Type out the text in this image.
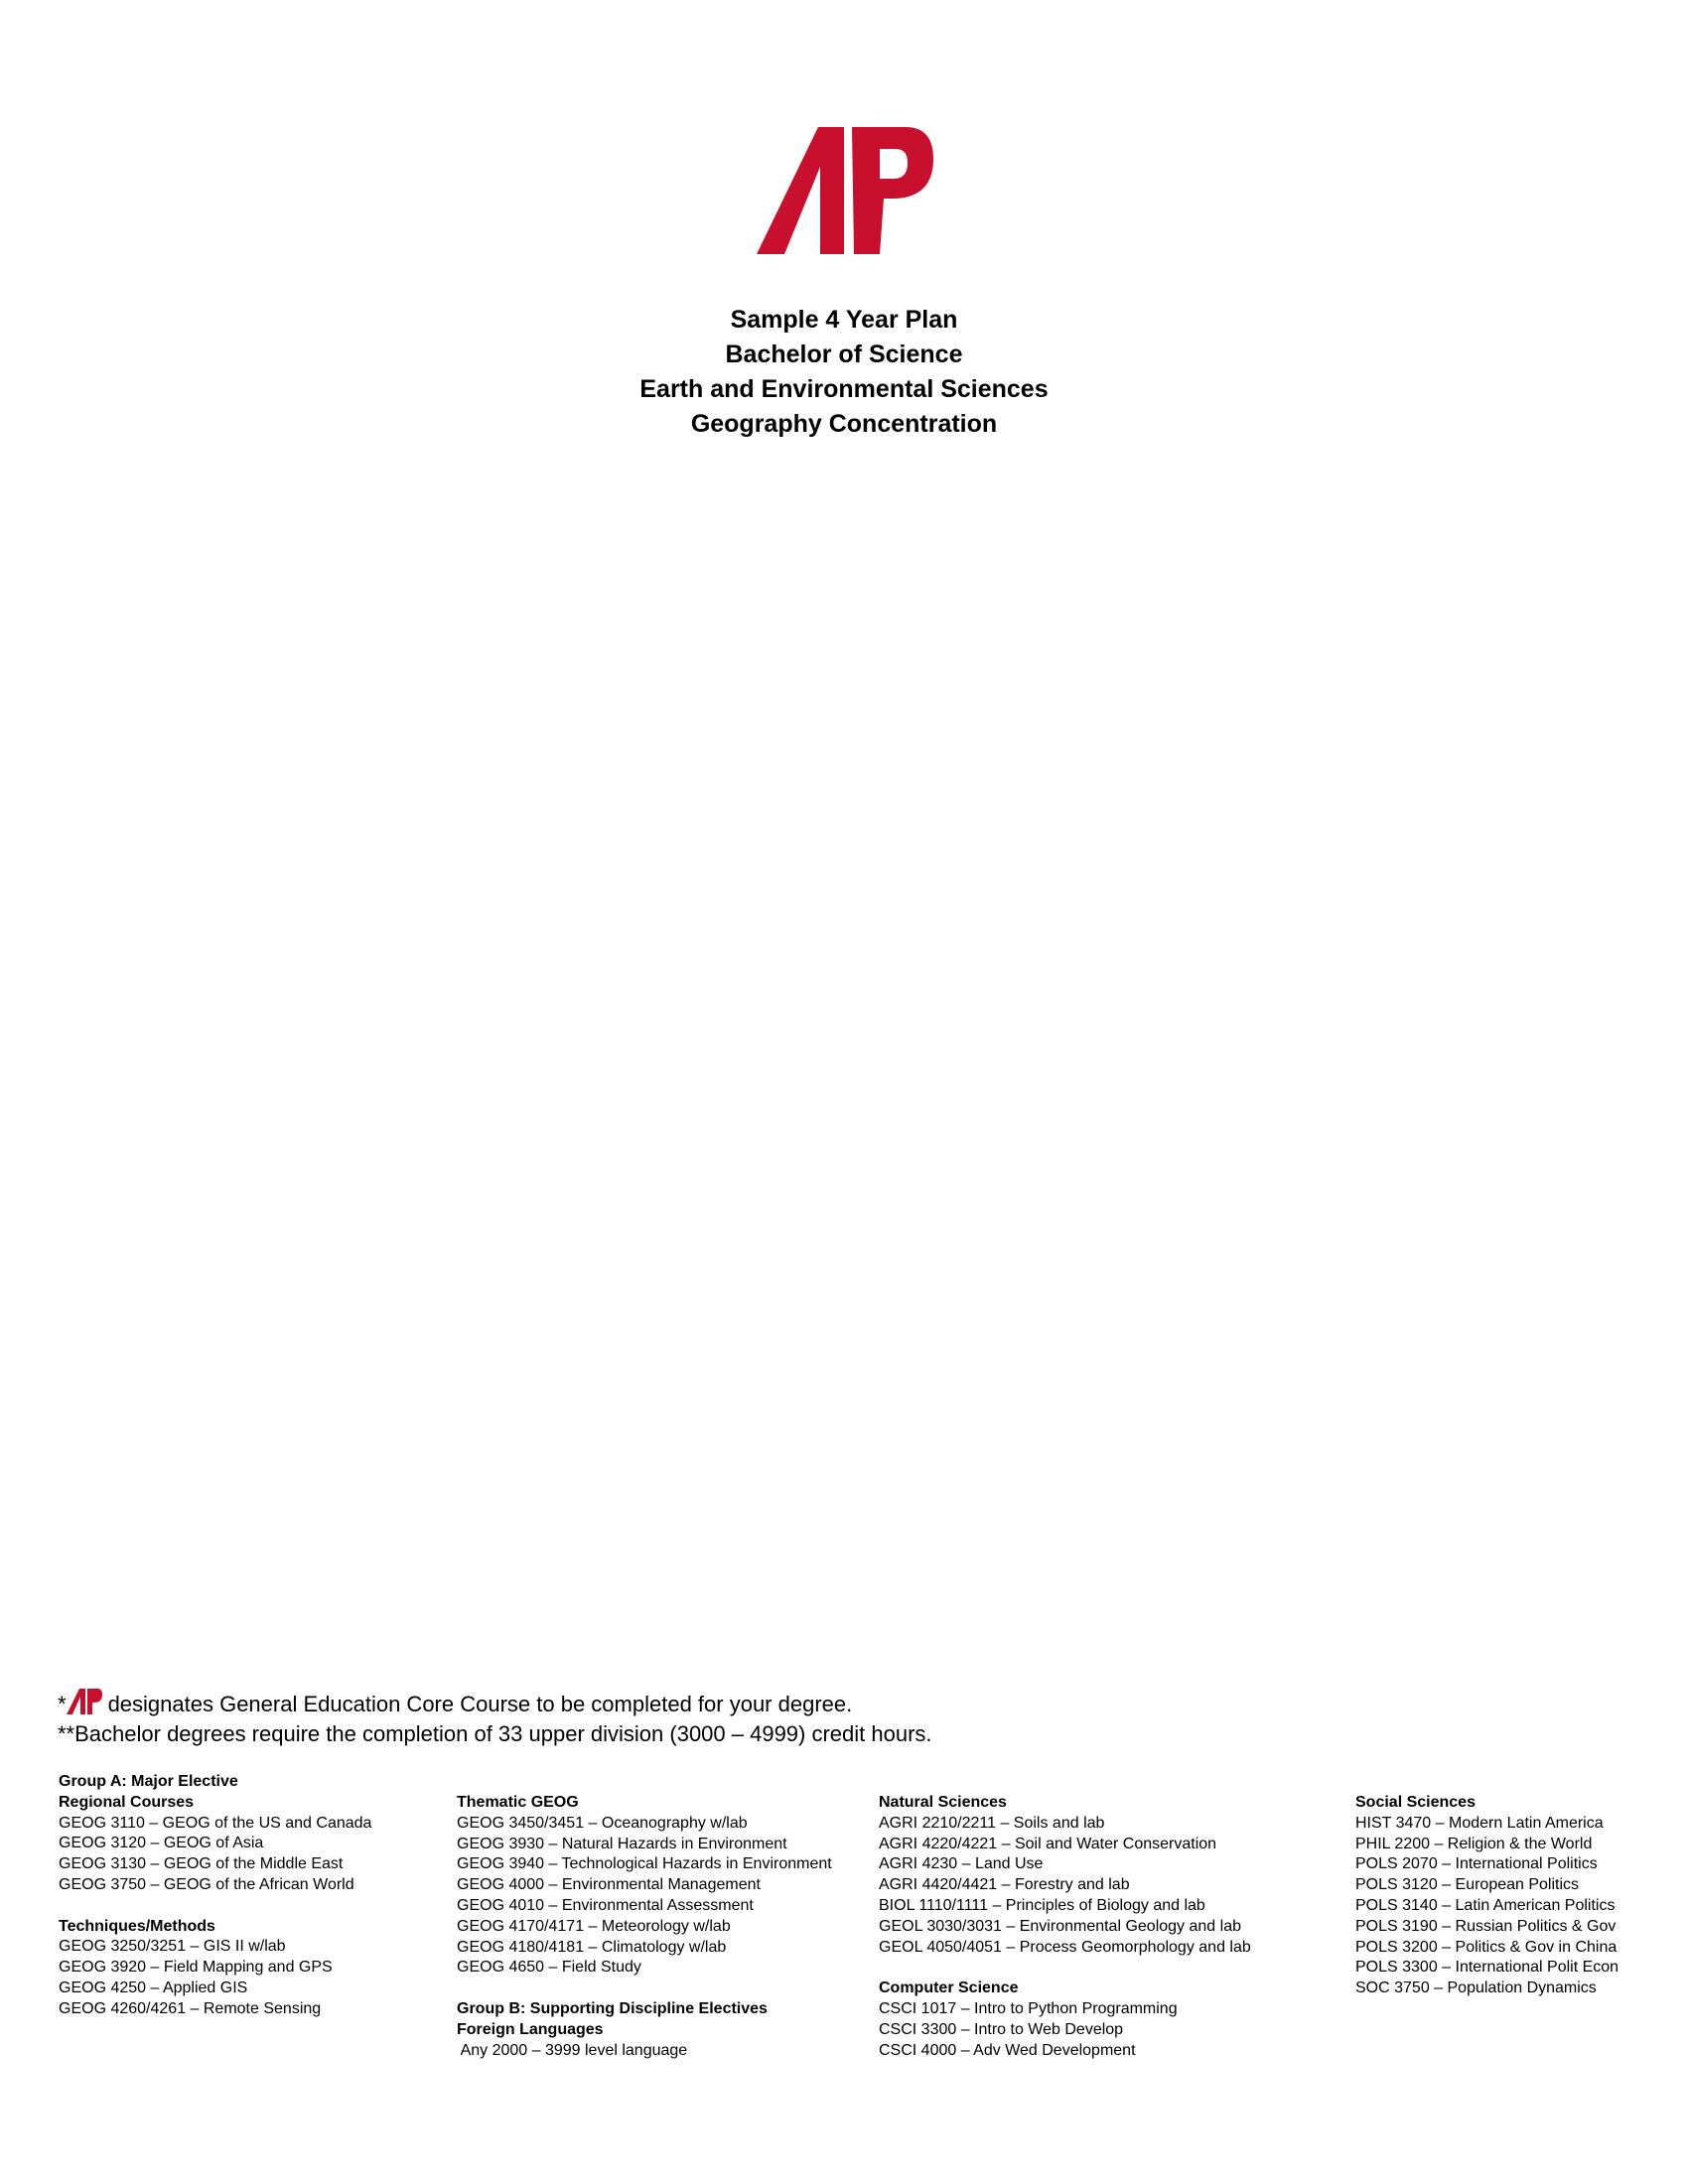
Sample 4 Year Plan
Bachelor of Science
Earth and Environmental Sciences
Geography Concentration
* designates General Education Core Course to be completed for your degree.
**Bachelor degrees require the completion of 33 upper division (3000 – 4999) credit hours.
Group A: Major Elective
Regional Courses
GEOG 3110 – GEOG of the US and Canada
GEOG 3120 – GEOG of Asia
GEOG 3130 – GEOG of the Middle East
GEOG 3750 – GEOG of the African World
Techniques/Methods
GEOG 3250/3251 – GIS II w/lab
GEOG 3920 – Field Mapping and GPS
GEOG 4250 – Applied GIS
GEOG 4260/4261 – Remote Sensing
Thematic GEOG
GEOG 3450/3451 – Oceanography w/lab
GEOG 3930 – Natural Hazards in Environment
GEOG 3940 – Technological Hazards in Environment
GEOG 4000 – Environmental Management
GEOG 4010 – Environmental Assessment
GEOG 4170/4171 – Meteorology w/lab
GEOG 4180/4181 – Climatology w/lab
GEOG 4650 – Field Study
Group B: Supporting Discipline Electives
Foreign Languages
Any 2000 – 3999 level language
Natural Sciences
AGRI 2210/2211 – Soils and lab
AGRI 4220/4221 – Soil and Water Conservation
AGRI 4230 – Land Use
AGRI 4420/4421 – Forestry and lab
BIOL 1110/1111 – Principles of Biology and lab
GEOL 3030/3031 – Environmental Geology and lab
GEOL 4050/4051 – Process Geomorphology and lab
Computer Science
CSCI 1017 – Intro to Python Programming
CSCI 3300 – Intro to Web Develop
CSCI 4000 – Adv Wed Development
Social Sciences
HIST 3470 – Modern Latin America
PHIL 2200 – Religion & the World
POLS 2070 – International Politics
POLS 3120 – European Politics
POLS 3140 – Latin American Politics
POLS 3190 – Russian Politics & Gov
POLS 3200 – Politics & Gov in China
POLS 3300 – International Polit Econ
SOC 3750 – Population Dynamics
